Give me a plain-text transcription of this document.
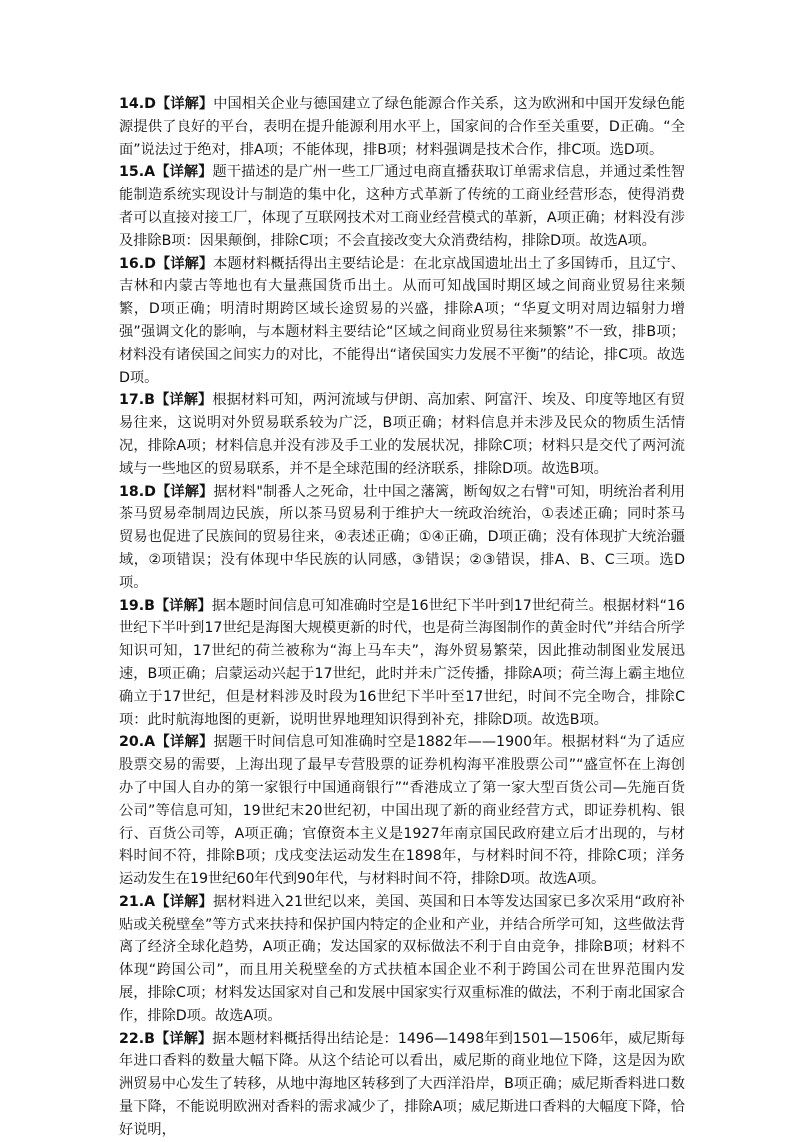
14.D【详解】中国相关企业与德国建立了绿色能源合作关系，这为欧洲和中国开发绿色能源提供了良好的平台，表明在提升能源利用水平上，国家间的合作至关重要，D正确。“全面”说法过于绝对，排A项；不能体现，排B项；材料强调是技术合作，排C项。选D项。

15.A【详解】题干描述的是广州一些工厂通过电商直播获取订单需求信息，并通过柔性智能制造系统实现设计与制造的集中化，这种方式革新了传统的工商业经营形态，使得消费者可以直接对接工厂，体现了互联网技术对工商业经营模式的革新，A项正确；材料没有涉及排除B项：因果颠倒，排除C项；不会直接改变大众消费结构，排除D项。故选A项。

16.D【详解】本题材料概括得出主要结论是：在北京战国遗址出土了多国铸币，且辽宁、吉林和内蒙古等地也有大量燕国货币出土。从而可知战国时期区域之间商业贸易往来频繁，D项正确；明清时期跨区域长途贸易的兴盛，排除A项；“华夏文明对周边辐射力增强”强调文化的影响，与本题材料主要结论“区域之间商业贸易往来频繁”不一致，排B项；材料没有诸侯国之间实力的对比，不能得出“诸侯国实力发展不平衡”的结论，排C项。故选D项。

17.B【详解】根据材料可知，两河流域与伊朗、高加索、阿富汗、埃及、印度等地区有贸易往来，这说明对外贸易联系较为广泛，B项正确；材料信息并未涉及民众的物质生活情况，排除A项；材料信息并没有涉及手工业的发展状况，排除C项；材料只是交代了两河流域与一些地区的贸易联系，并不是全球范围的经济联系，排除D项。故选B项。

18.D【详解】据材料"制番人之死命，壮中国之藩篱，断匈奴之右臂"可知，明统治者利用茶马贸易牵制周边民族，所以茶马贸易利于维护大一统政治统治，①表述正确；同时茶马贸易也促进了民族间的贸易往来，④表述正确；①④正确，D项正确；没有体现扩大统治疆域，②项错误；没有体现中华民族的认同感，③错误；②③错误，排A、B、C三项。选D项。

19.B【详解】据本题时间信息可知准确时空是16世纪下半叶到17世纪荷兰。根据材料“16世纪下半叶到17世纪是海图大规模更新的时代，也是荷兰海图制作的黄金时代”并结合所学知识可知，17世纪的荷兰被称为“海上马车夫”，海外贸易繁荣，因此推动制图业发展迅速，B项正确；启蒙运动兴起于17世纪，此时并未广泛传播，排除A项；荷兰海上霸主地位确立于17世纪，但是材料涉及时段为16世纪下半叶至17世纪，时间不完全吻合，排除C项：此时航海地图的更新，说明世界地理知识得到补充，排除D项。故选B项。

20.A【详解】据题干时间信息可知准确时空是1882年——1900年。根据材料“为了适应股票交易的需要，上海出现了最早专营股票的证券机构海平准股票公司”“盛宣怀在上海创办了中国人自办的第一家银行中国通商银行”“香港成立了第一家大型百货公司—先施百货公司”等信息可知，19世纪末20世纪初，中国出现了新的商业经营方式，即证券机构、银行、百货公司等，A项正确；官僚资本主义是1927年南京国民政府建立后才出现的，与材料时间不符，排除B项；戊戌变法运动发生在1898年，与材料时间不符，排除C项；洋务运动发生在19世纪60年代到90年代，与材料时间不符，排除D项。故选A项。

21.A【详解】据材料进入21世纪以来，美国、英国和日本等发达国家已多次采用“政府补贴或关税壁垒”等方式来扶持和保护国内特定的企业和产业，并结合所学可知，这些做法背离了经济全球化趋势，A项正确；发达国家的双标做法不利于自由竞争，排除B项；材料不体现“跨国公司”，而且用关税壁垒的方式扶植本国企业不利于跨国公司在世界范围内发展，排除C项；材料发达国家对自己和发展中国家实行双重标准的做法，不利于南北国家合作，排除D项。故选A项。

22.B【详解】据本题材料概括得出结论是：1496—1498年到1501—1506年，威尼斯每年进口香料的数量大幅下降。从这个结论可以看出，威尼斯的商业地位下降，这是因为欧洲贸易中心发生了转移，从地中海地区转移到了大西洋沿岸，B项正确；威尼斯香料进口数量下降，不能说明欧洲对香料的需求减少了，排除A项；威尼斯进口香料的大幅度下降，恰好说明，
